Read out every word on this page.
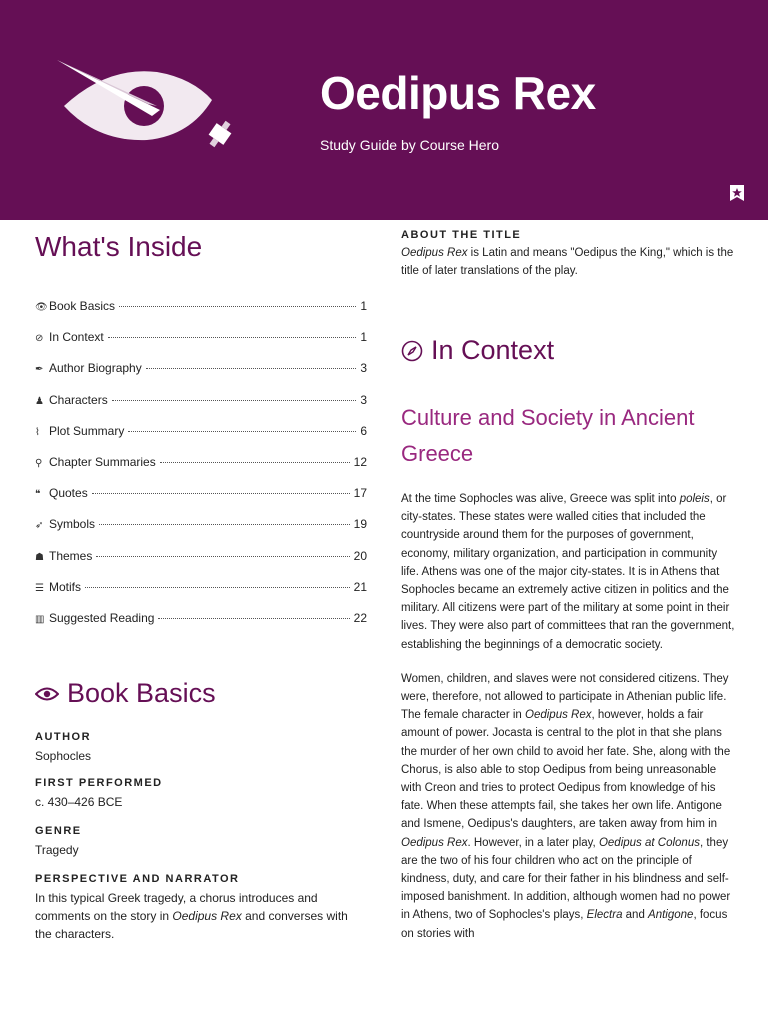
Oedipus Rex
Study Guide by Course Hero
What's Inside
👁 Book Basics	1
⊘ In Context	1
✒ Author Biography	3
♟ Characters	3
⌇ Plot Summary	6
⚲ Chapter Summaries	12
❝ Quotes	17
➶ Symbols	19
☗ Themes	20
☰ Motifs	21
▥ Suggested Reading	22
Book Basics

AUTHOR

Sophocles

FIRST PERFORMED

c. 430–426 BCE

GENRE

Tragedy

PERSPECTIVE AND NARRATOR

In this typical Greek tragedy, a chorus introduces and comments on the story in Oedipus Rex and converses with the characters.

ABOUT THE TITLE

Oedipus Rex is Latin and means "Oedipus the King," which is the title of later translations of the play.

In Context
Culture and Society in Ancient Greece

At the time Sophocles was alive, Greece was split into poleis, or city-states. These states were walled cities that included the countryside around them for the purposes of government, economy, military organization, and participation in community life. Athens was one of the major city-states. It is in Athens that Sophocles became an extremely active citizen in politics and the military. All citizens were part of the military at some point in their lives. They were also part of committees that ran the government, establishing the beginnings of a democratic society.

Women, children, and slaves were not considered citizens. They were, therefore, not allowed to participate in Athenian public life. The female character in Oedipus Rex, however, holds a fair amount of power. Jocasta is central to the plot in that she plans the murder of her own child to avoid her fate. She, along with the Chorus, is also able to stop Oedipus from being unreasonable with Creon and tries to protect Oedipus from knowledge of his fate. When these attempts fail, she takes her own life. Antigone and Ismene, Oedipus's daughters, are taken away from him in Oedipus Rex. However, in a later play, Oedipus at Colonus, they are the two of his four children who act on the principle of kindness, duty, and care for their father in his blindness and self-imposed banishment. In addition, although women had no power in Athens, two of Sophocles's plays, Electra and Antigone, focus on stories with
